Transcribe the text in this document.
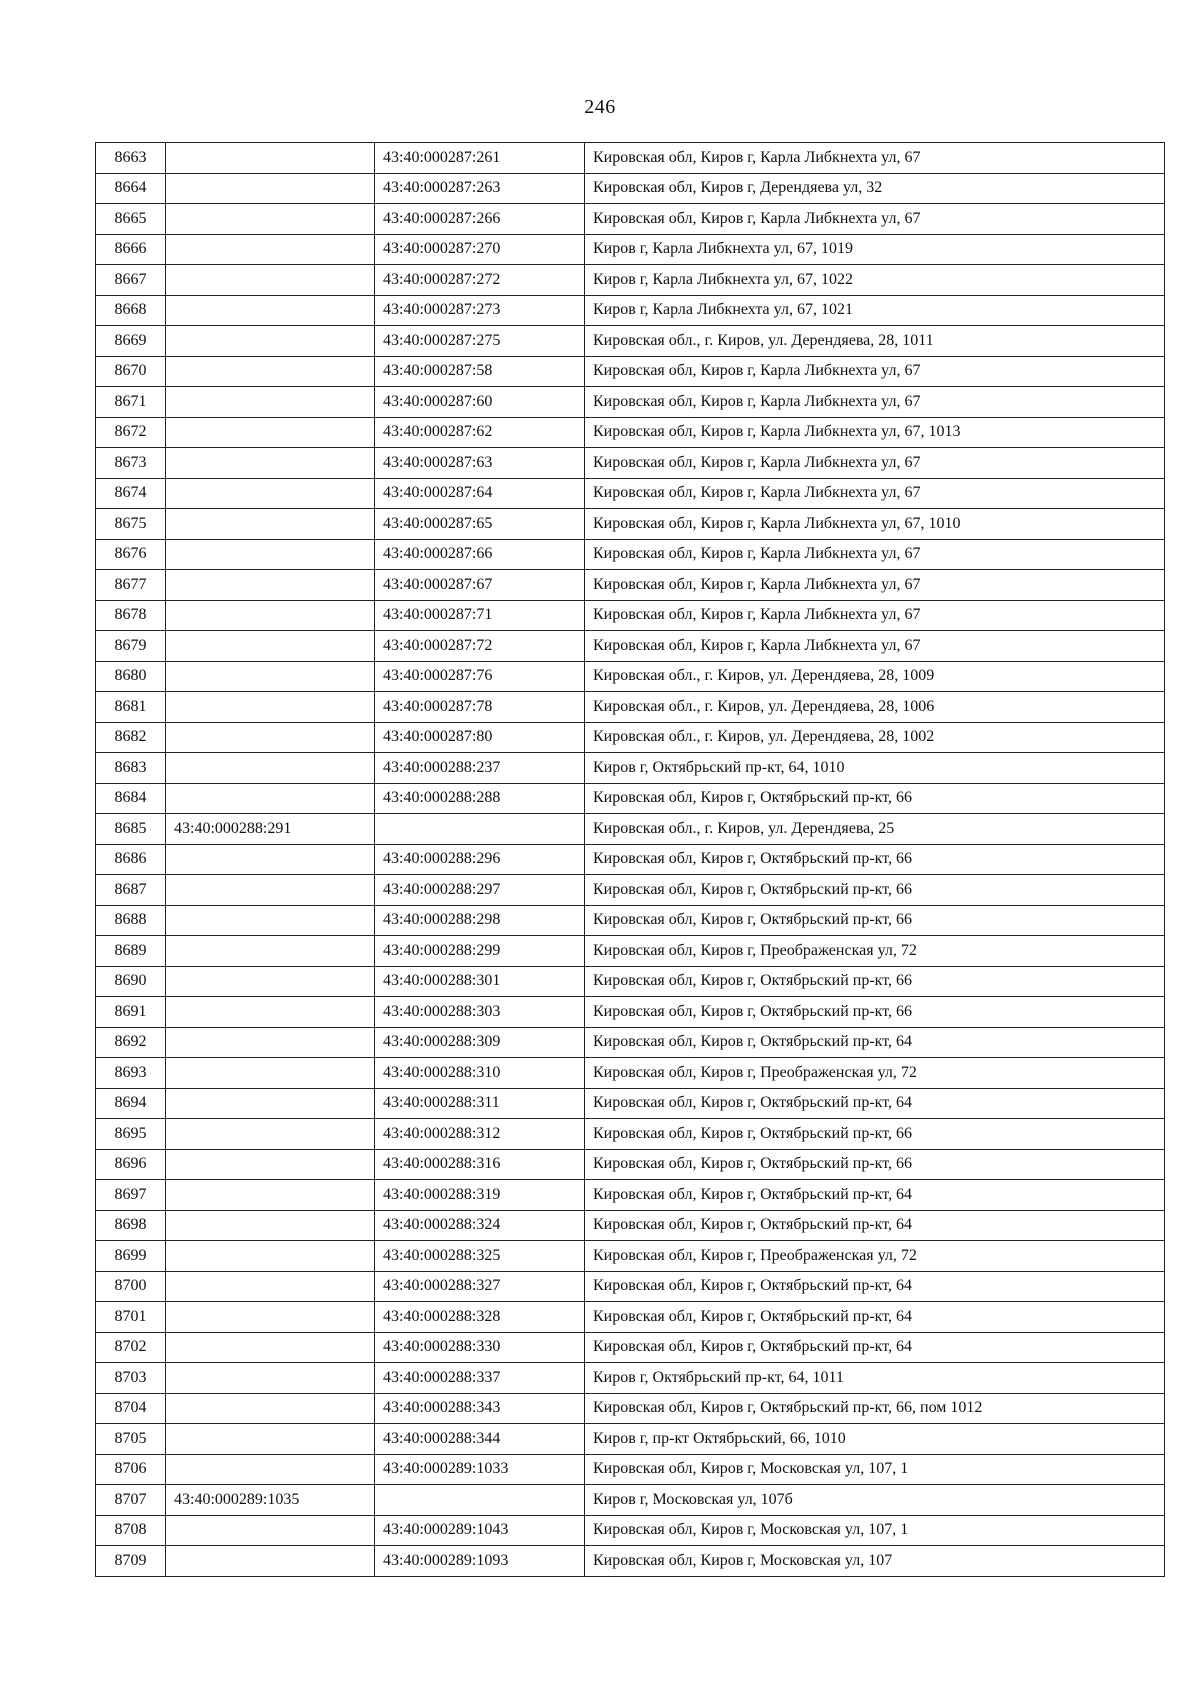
246
8663		43:40:000287:261	Кировская обл, Киров г, Карла Либкнехта ул, 67
8664		43:40:000287:263	Кировская обл, Киров г, Дерендяева ул, 32
8665		43:40:000287:266	Кировская обл, Киров г, Карла Либкнехта ул, 67
8666		43:40:000287:270	Киров г, Карла Либкнехта ул, 67, 1019
8667		43:40:000287:272	Киров г, Карла Либкнехта ул, 67, 1022
8668		43:40:000287:273	Киров г, Карла Либкнехта ул, 67, 1021
8669		43:40:000287:275	Кировская обл., г. Киров, ул. Дерендяева, 28, 1011
8670		43:40:000287:58	Кировская обл, Киров г, Карла Либкнехта ул, 67
8671		43:40:000287:60	Кировская обл, Киров г, Карла Либкнехта ул, 67
8672		43:40:000287:62	Кировская обл, Киров г, Карла Либкнехта ул, 67, 1013
8673		43:40:000287:63	Кировская обл, Киров г, Карла Либкнехта ул, 67
8674		43:40:000287:64	Кировская обл, Киров г, Карла Либкнехта ул, 67
8675		43:40:000287:65	Кировская обл, Киров г, Карла Либкнехта ул, 67, 1010
8676		43:40:000287:66	Кировская обл, Киров г, Карла Либкнехта ул, 67
8677		43:40:000287:67	Кировская обл, Киров г, Карла Либкнехта ул, 67
8678		43:40:000287:71	Кировская обл, Киров г, Карла Либкнехта ул, 67
8679		43:40:000287:72	Кировская обл, Киров г, Карла Либкнехта ул, 67
8680		43:40:000287:76	Кировская обл., г. Киров, ул. Дерендяева, 28, 1009
8681		43:40:000287:78	Кировская обл., г. Киров, ул. Дерендяева, 28, 1006
8682		43:40:000287:80	Кировская обл., г. Киров, ул. Дерендяева, 28, 1002
8683		43:40:000288:237	Киров г, Октябрьский пр-кт, 64, 1010
8684		43:40:000288:288	Кировская обл, Киров г, Октябрьский пр-кт, 66
8685	43:40:000288:291		Кировская обл., г. Киров, ул. Дерендяева, 25
8686		43:40:000288:296	Кировская обл, Киров г, Октябрьский пр-кт, 66
8687		43:40:000288:297	Кировская обл, Киров г, Октябрьский пр-кт, 66
8688		43:40:000288:298	Кировская обл, Киров г, Октябрьский пр-кт, 66
8689		43:40:000288:299	Кировская обл, Киров г, Преображенская ул, 72
8690		43:40:000288:301	Кировская обл, Киров г, Октябрьский пр-кт, 66
8691		43:40:000288:303	Кировская обл, Киров г, Октябрьский пр-кт, 66
8692		43:40:000288:309	Кировская обл, Киров г, Октябрьский пр-кт, 64
8693		43:40:000288:310	Кировская обл, Киров г, Преображенская ул, 72
8694		43:40:000288:311	Кировская обл, Киров г, Октябрьский пр-кт, 64
8695		43:40:000288:312	Кировская обл, Киров г, Октябрьский пр-кт, 66
8696		43:40:000288:316	Кировская обл, Киров г, Октябрьский пр-кт, 66
8697		43:40:000288:319	Кировская обл, Киров г, Октябрьский пр-кт, 64
8698		43:40:000288:324	Кировская обл, Киров г, Октябрьский пр-кт, 64
8699		43:40:000288:325	Кировская обл, Киров г, Преображенская ул, 72
8700		43:40:000288:327	Кировская обл, Киров г, Октябрьский пр-кт, 64
8701		43:40:000288:328	Кировская обл, Киров г, Октябрьский пр-кт, 64
8702		43:40:000288:330	Кировская обл, Киров г, Октябрьский пр-кт, 64
8703		43:40:000288:337	Киров г, Октябрьский пр-кт, 64, 1011
8704		43:40:000288:343	Кировская обл, Киров г, Октябрьский пр-кт, 66, пом 1012
8705		43:40:000288:344	Киров г, пр-кт Октябрьский, 66, 1010
8706		43:40:000289:1033	Кировская обл, Киров г, Московская ул, 107, 1
8707	43:40:000289:1035		Киров г, Московская ул, 107б
8708		43:40:000289:1043	Кировская обл, Киров г, Московская ул, 107, 1
8709		43:40:000289:1093	Кировская обл, Киров г, Московская ул, 107
